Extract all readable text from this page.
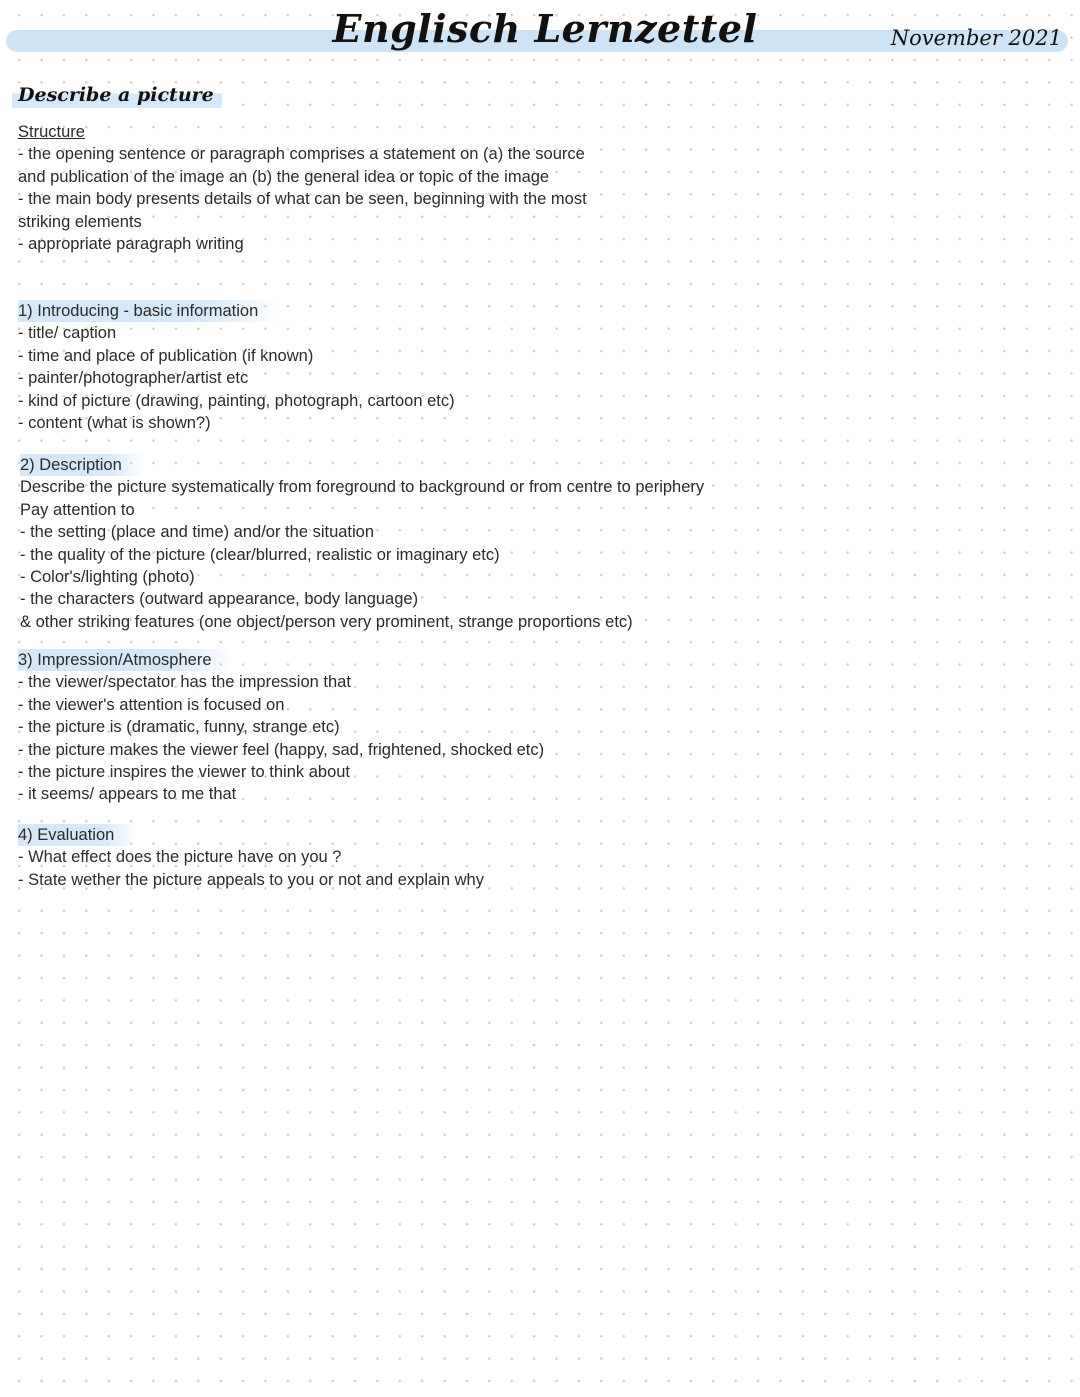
Englisch Lernzettel	November 2021
Describe a picture

Structure

- the opening sentence or paragraph comprises a statement on (a) the source

and publication of the image an (b) the general idea or topic of the image

- the main body presents details of what can be seen, beginning with the most

striking elements

- appropriate paragraph writing

1) Introducing - basic information

- title/ caption

- time and place of publication (if known)

- painter/photographer/artist etc

- kind of picture (drawing, painting, photograph, cartoon etc)

- content (what is shown?)

2) Description

Describe the picture systematically from foreground to background or from centre to periphery

Pay attention to

- the setting (place and time) and/or the situation

- the quality of the picture (clear/blurred, realistic or imaginary etc)

- Color's/lighting (photo)

- the characters (outward appearance, body language)

& other striking features (one object/person very prominent, strange proportions etc)

3) Impression/Atmosphere

- the viewer/spectator has the impression that

- the viewer's attention is focused on

- the picture is (dramatic, funny, strange etc)

- the picture makes the viewer feel (happy, sad, frightened, shocked etc)

- the picture inspires the viewer to think about

- it seems/ appears to me that

4) Evaluation

- What effect does the picture have on you ?

- State wether the picture appeals to you or not and explain why
